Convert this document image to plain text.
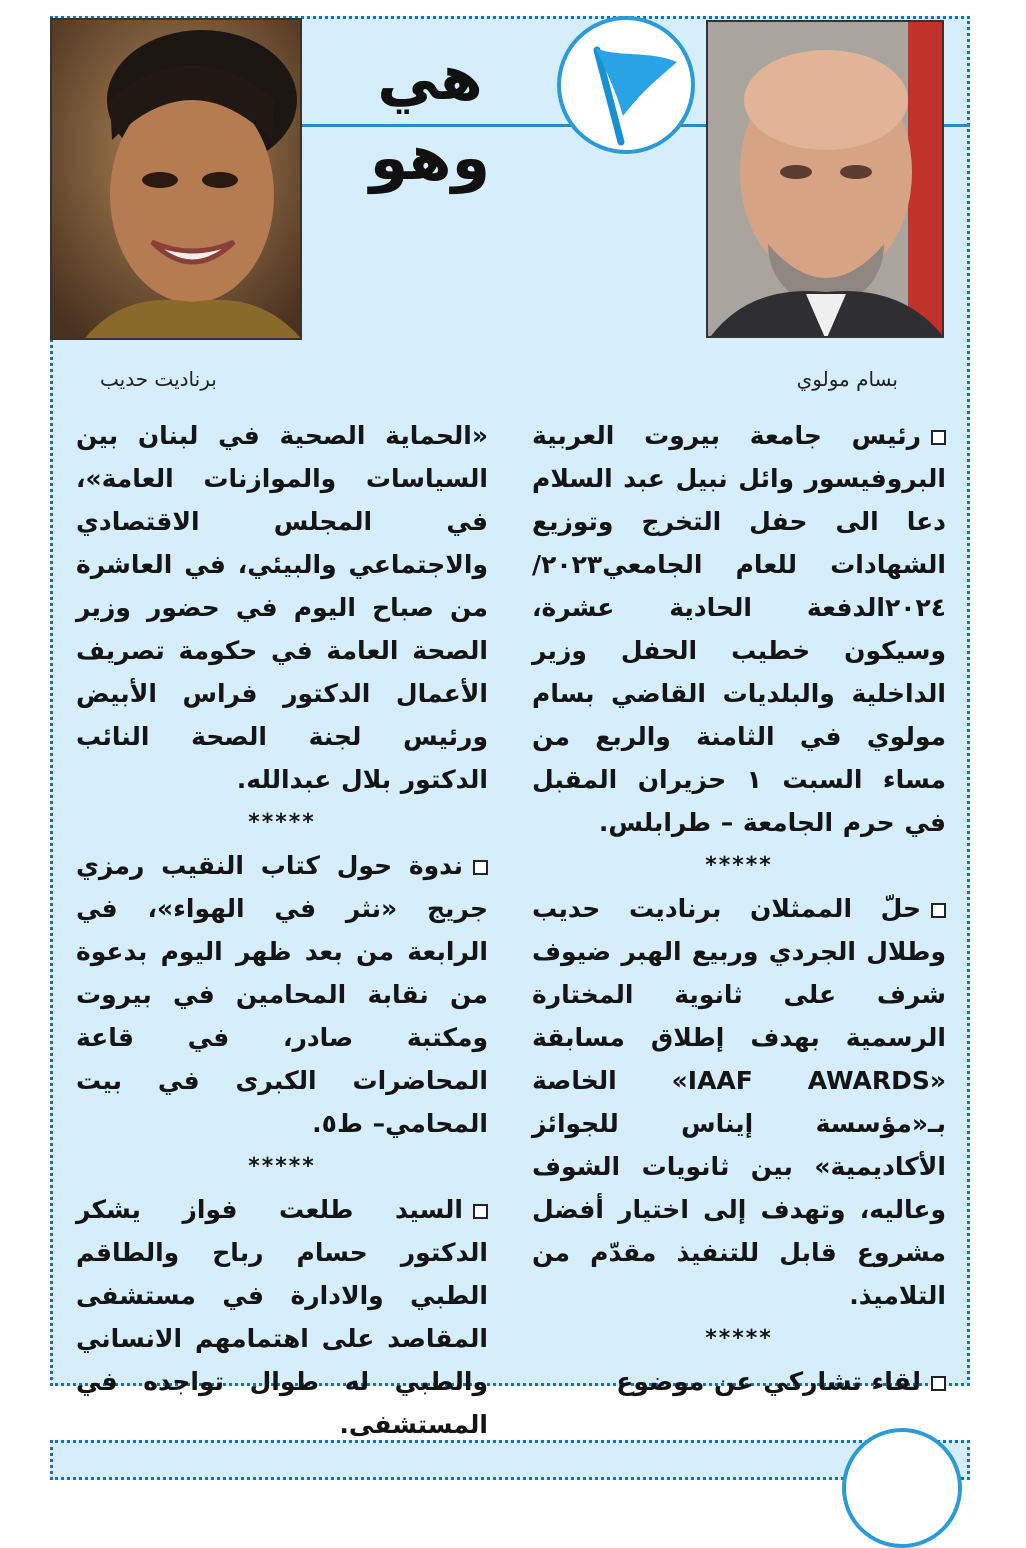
هي وهو
برناديت حديب	بسام مولوي

رئيس جامعة بيروت العربية البروفيسور وائل نبيل عبد السلام دعا الى حفل التخرج وتوزيع الشهادات للعام الجامعي٢٠٢٣/ ٢٠٢٤الدفعة الحادية عشرة، وسيكون خطيب الحفل وزير الداخلية والبلديات القاضي بسام مولوي في الثامنة والربع من مساء السبت ١ حزيران المقبل في حرم الجامعة – طرابلس.

*****

حلّ الممثلان برناديت حديب وطلال الجردي وربيع الهبر ضيوف شرف على ثانوية المختارة الرسمية بهدف إطلاق مسابقة «IAAF AWARDS» الخاصة بـ«مؤسسة إيناس للجوائز الأكاديمية» بين ثانويات الشوف وعاليه، وتهدف إلى اختيار أفضل مشروع قابل للتنفيذ مقدّم من التلاميذ.

*****

لقاء تشاركي عن موضوع

«الحماية الصحية في لبنان بين السياسات والموازنات العامة»، في المجلس الاقتصادي والاجتماعي والبيئي، في العاشرة من صباح اليوم في حضور وزير الصحة العامة في حكومة تصريف الأعمال الدكتور فراس الأبيض ورئيس لجنة الصحة النائب الدكتور بلال عبدالله.

*****

ندوة حول كتاب النقيب رمزي جريج «نثر في الهواء»، في الرابعة من بعد ظهر اليوم بدعوة من نقابة المحامين في بيروت ومكتبة صادر، في قاعة المحاضرات الكبرى في بيت المحامي– ط٥.

*****

السيد طلعت فواز يشكر الدكتور حسام رباح والطاقم الطبي والادارة في مستشفى المقاصد على اهتمامهم الانساني والطبي له طوال تواجده في المستشفى.
